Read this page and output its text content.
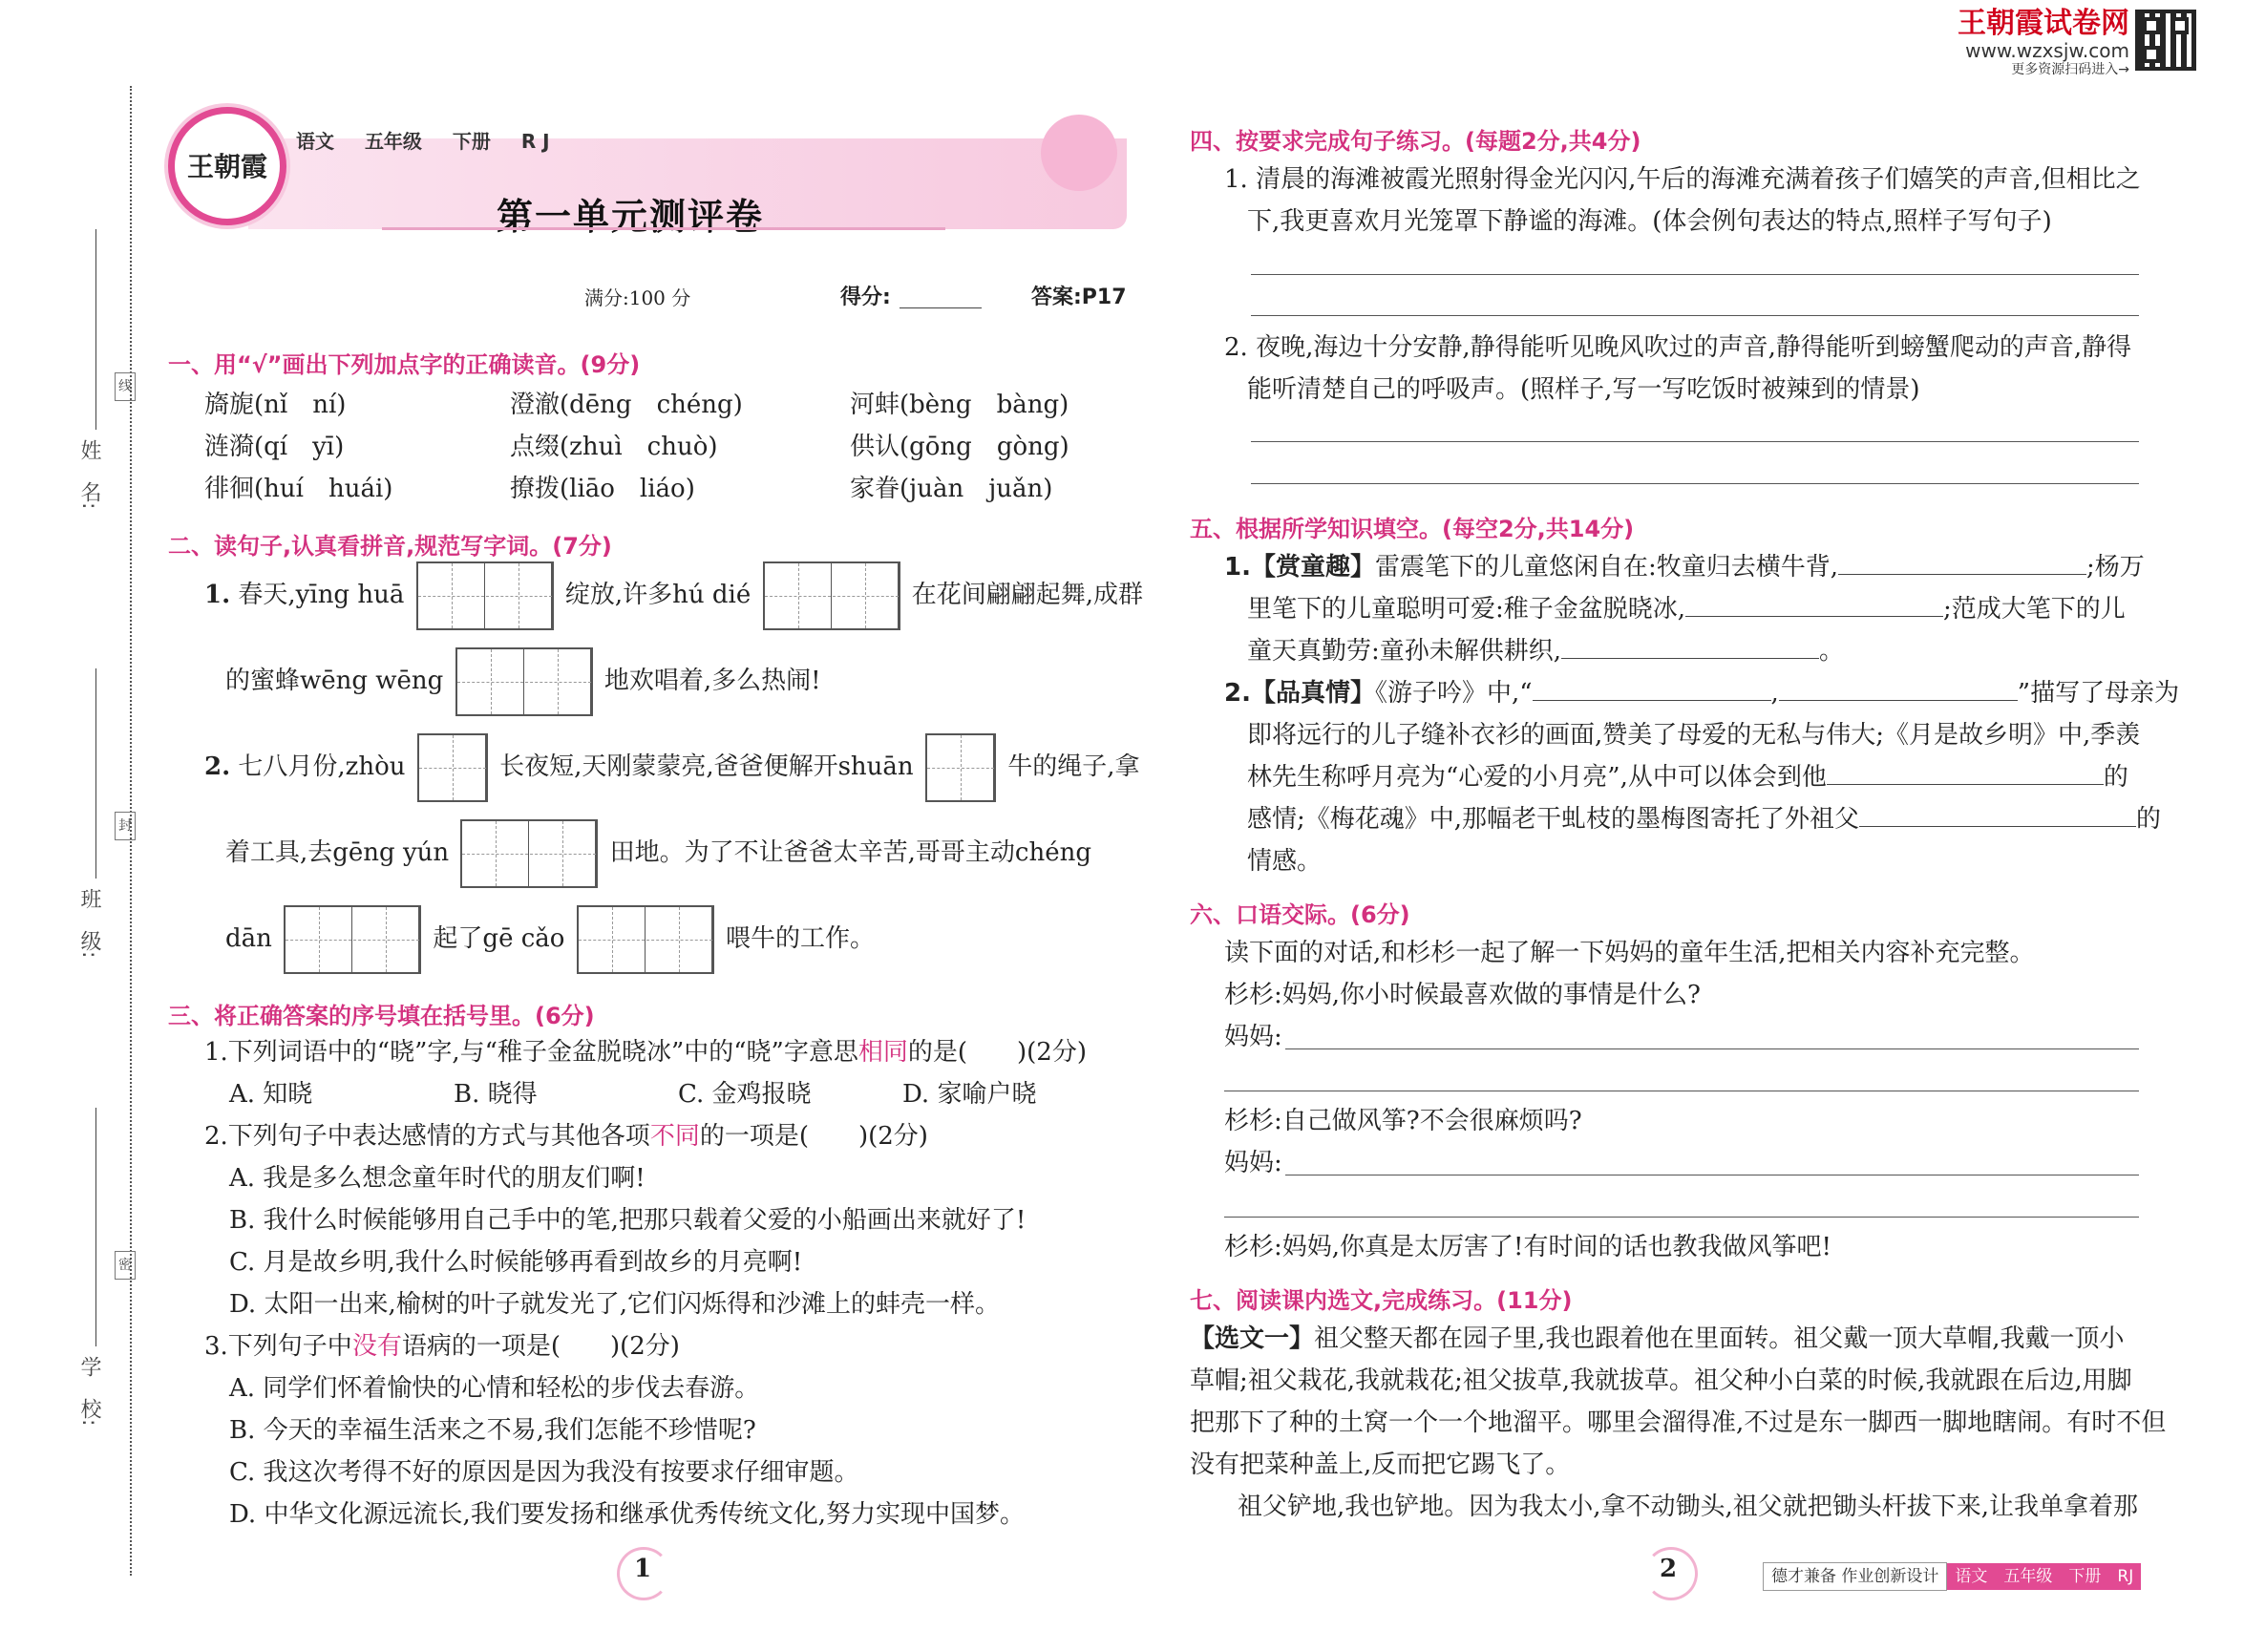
王朝霞试卷网
www.wzxsjw.com
更多资源扫码进入→
线
封
密
姓　名:
班　级:
学　校:
王朝霞
语文 五年级 下册 R J
第一单元测评卷
满分:100 分	得分:	答案:P17
一、用“√”画出下列加点字的正确读音。(9分)
旖旎(nǐ　ní)	澄澈(dēng　chéng)	河蚌(bèng　bàng)
涟漪(qí　yī)	点缀(zhuì　chuò)	供认(gōng　gòng)
徘徊(huí　huái)	撩拨(liāo　liáo)	家眷(juàn　juǎn)
二、读句子,认真看拼音,规范写字词。(7分)
1. 春天,yīng huā	绽放,许多hú dié	在花间翩翩起舞,成群
的蜜蜂wēng wēng	地欢唱着,多么热闹!
2. 七八月份,zhòu	长夜短,天刚蒙蒙亮,爸爸便解开shuān	牛的绳子,拿
着工具,去gēng yún	田地。为了不让爸爸太辛苦,哥哥主动chéng
dān	起了gē cǎo	喂牛的工作。
三、将正确答案的序号填在括号里。(6分)
1.下列词语中的“晓”字,与“稚子金盆脱晓冰”中的“晓”字意思相同的是(　　)(2分)
A. 知晓	B. 晓得	C. 金鸡报晓	D. 家喻户晓
2.下列句子中表达感情的方式与其他各项不同的一项是(　　)(2分)
A. 我是多么想念童年时代的朋友们啊!
B. 我什么时候能够用自己手中的笔,把那只载着父爱的小船画出来就好了!
C. 月是故乡明,我什么时候能够再看到故乡的月亮啊!
D. 太阳一出来,榆树的叶子就发光了,它们闪烁得和沙滩上的蚌壳一样。
3.下列句子中没有语病的一项是(　　)(2分)
A. 同学们怀着愉快的心情和轻松的步伐去春游。
B. 今天的幸福生活来之不易,我们怎能不珍惜呢?
C. 我这次考得不好的原因是因为我没有按要求仔细审题。
D. 中华文化源远流长,我们要发扬和继承优秀传统文化,努力实现中国梦。
1
四、按要求完成句子练习。(每题2分,共4分)
1. 清晨的海滩被霞光照射得金光闪闪,午后的海滩充满着孩子们嬉笑的声音,但相比之
下,我更喜欢月光笼罩下静谧的海滩。(体会例句表达的特点,照样子写句子)
2. 夜晚,海边十分安静,静得能听见晚风吹过的声音,静得能听到螃蟹爬动的声音,静得
能听清楚自己的呼吸声。(照样子,写一写吃饭时被辣到的情景)
五、根据所学知识填空。(每空2分,共14分)
1.【赏童趣】雷震笔下的儿童悠闲自在:牧童归去横牛背,	;杨万
里笔下的儿童聪明可爱:稚子金盆脱晓冰,	;范成大笔下的儿
童天真勤劳:童孙未解供耕织,	。
2.【品真情】《游子吟》中,“	,	”描写了母亲为
即将远行的儿子缝补衣衫的画面,赞美了母爱的无私与伟大;《月是故乡明》中,季羡
林先生称呼月亮为“心爱的小月亮”,从中可以体会到他	的
感情;《梅花魂》中,那幅老干虬枝的墨梅图寄托了外祖父	的
情感。
六、口语交际。(6分)
读下面的对话,和杉杉一起了解一下妈妈的童年生活,把相关内容补充完整。
杉杉:妈妈,你小时候最喜欢做的事情是什么?
妈妈:
杉杉:自己做风筝?不会很麻烦吗?
妈妈:
杉杉:妈妈,你真是太厉害了!有时间的话也教我做风筝吧!
七、阅读课内选文,完成练习。(11分)
【选文一】祖父整天都在园子里,我也跟着他在里面转。祖父戴一顶大草帽,我戴一顶小
草帽;祖父栽花,我就栽花;祖父拔草,我就拔草。祖父种小白菜的时候,我就跟在后边,用脚
把那下了种的土窝一个一个地溜平。哪里会溜得准,不过是东一脚西一脚地瞎闹。有时不但
没有把菜种盖上,反而把它踢飞了。
祖父铲地,我也铲地。因为我太小,拿不动锄头,祖父就把锄头杆拔下来,让我单拿着那
2	德才兼备 作业创新设计 语文　五年级　下册　RJ
